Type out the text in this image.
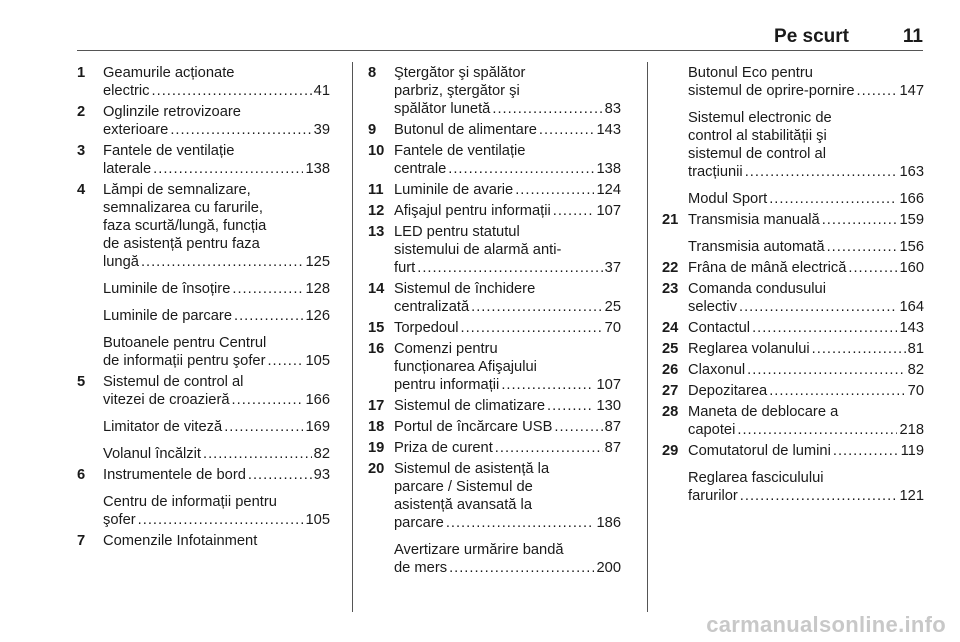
Pe scurt	11
1 Geamurile acționate
electric .....	41
2 Oglinzile retrovizoare
exterioare .....	39
3 Fantele de ventilație
laterale .....	138
4 Lămpi de semnalizare,
semnalizarea cu farurile,
faza scurtă/lungă, funcția
de asistență pentru faza
lungă .....	125
Luminile de însoțire .....	128
Luminile de parcare .....	126
Butoanele pentru Centrul
de informații pentru şofer .....	105
5 Sistemul de control al
vitezei de croazieră .....	166
Limitator de viteză .....	169
Volanul încălzit .....	82
6 Instrumentele de bord .....	93
Centru de informații pentru
şofer .....	105
7 Comenzile Infotainment
8 Ştergător şi spălător
parbriz, ştergător şi
spălător lunetă .....	83
9 Butonul de alimentare .....	143
10 Fantele de ventilație
centrale .....	138
11 Luminile de avarie .....	124
12 Afişajul pentru informații .....	107
13 LED pentru statutul
sistemului de alarmă anti-
furt .....	37
14 Sistemul de închidere
centralizată .....	25
15 Torpedoul .....	70
16 Comenzi pentru
funcționarea Afişajului
pentru informații .....	107
17 Sistemul de climatizare .....	130
18 Portul de încărcare USB .....	87
19 Priza de curent .....	87
20 Sistemul de asistență la
parcare / Sistemul de
asistență avansată la
parcare .....	186
Avertizare urmărire bandă
de mers .....	200
Butonul Eco pentru
sistemul de oprire-pornire .....	147
Sistemul electronic de
control al stabilității şi
sistemul de control al
tracțiunii .....	163
Modul Sport .....	166
21 Transmisia manuală .....	159
Transmisia automată .....	156
22 Frâna de mână electrică .....	160
23 Comanda condusului
selectiv .....	164
24 Contactul .....	143
25 Reglarea volanului .....	81
26 Claxonul .....	82
27 Depozitarea .....	70
28 Maneta de deblocare a
capotei .....	218
29 Comutatorul de lumini .....	119
Reglarea fasciculului
farurilor .....	121
carmanualsonline.info
